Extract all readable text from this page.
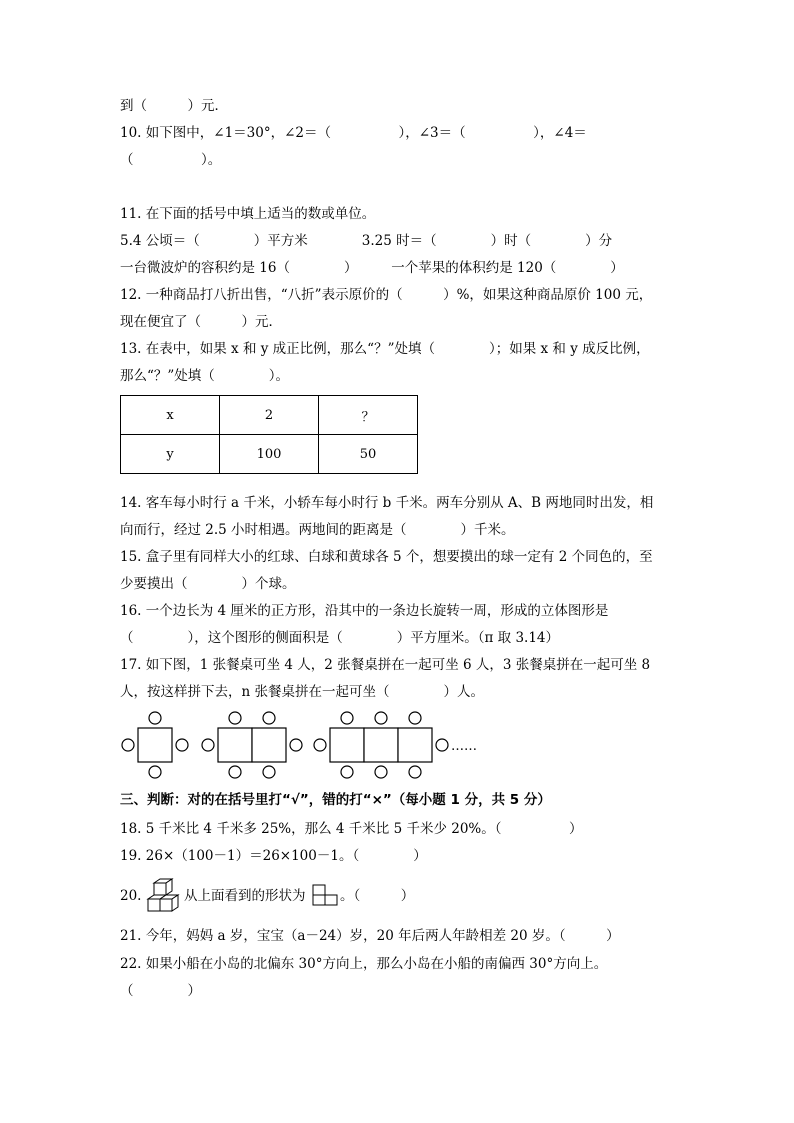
到（　　　）元．
10. 如下图中，∠1＝30°，∠2＝（　　　　　），∠3＝（　　　　　），∠4＝
（　　　　　）。
11. 在下面的括号中填上适当的数或单位。
5.4 公顷＝（　　　　）平方米　　　　3.25 时＝（　　　　）时（　　　　）分
一台微波炉的容积约是 16（　　　　）　　　一个苹果的体积约是 120（　　　　）
12. 一种商品打八折出售，“八折”表示原价的（　　　）%，如果这种商品原价 100 元，
现在便宜了（　　　）元．
13. 在表中，如果 x 和 y 成正比例，那么“？”处填（　　　　）；如果 x 和 y 成反比例，
那么“？”处填（　　　　）。
x	2	？
y	100	50
14. 客车每小时行 a 千米，小轿车每小时行 b 千米。两车分别从 A、B 两地同时出发，相
向而行，经过 2.5 小时相遇。两地间的距离是（　　　　）千米。
15. 盒子里有同样大小的红球、白球和黄球各 5 个，想要摸出的球一定有 2 个同色的，至
少要摸出（　　　　）个球。
16. 一个边长为 4 厘米的正方形，沿其中的一条边长旋转一周，形成的立体图形是
（　　　　），这个图形的侧面积是（　　　　）平方厘米。（π 取 3.14）
17. 如下图，1 张餐桌可坐 4 人，2 张餐桌拼在一起可坐 6 人，3 张餐桌拼在一起可坐 8
人，按这样拼下去，n 张餐桌拼在一起可坐（　　　　）人。
……
三、判断：对的在括号里打“√”，错的打“×”（每小题 1 分，共 5 分）
18. 5 千米比 4 千米多 25%，那么 4 千米比 5 千米少 20%。（　　　　　）
19. 26×（100－1）＝26×100－1。（　　　　）
20.	从上面看到的形状为	。（　　　）
21. 今年，妈妈 a 岁，宝宝（a－24）岁，20 年后两人年龄相差 20 岁。（　　　）
22. 如果小船在小岛的北偏东 30°方向上，那么小岛在小船的南偏西 30°方向上。
（　　　　）
